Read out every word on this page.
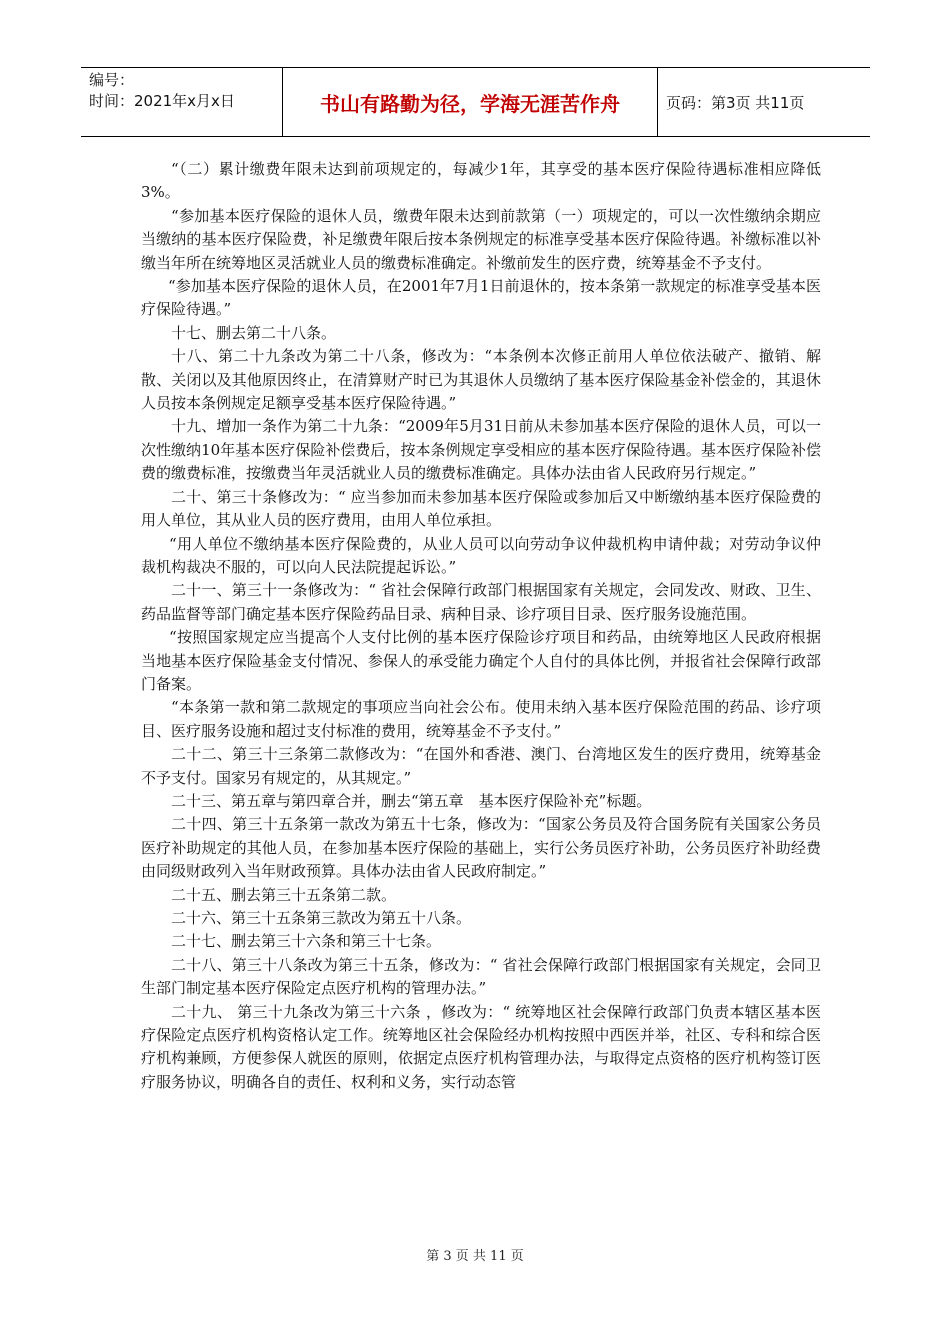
编号：
时间：2021年x月x日	书山有路勤为径，学海无涯苦作舟	页码：第3页 共11页

“（二）累计缴费年限未达到前项规定的，每减少1年，其享受的基本医疗保险待遇标准相应降低3%。

“参加基本医疗保险的退休人员，缴费年限未达到前款第（一）项规定的，可以一次性缴纳余期应当缴纳的基本医疗保险费，补足缴费年限后按本条例规定的标准享受基本医疗保险待遇。补缴标准以补缴当年所在统筹地区灵活就业人员的缴费标准确定。补缴前发生的医疗费，统筹基金不予支付。

“参加基本医疗保险的退休人员，在2001年7月1日前退休的，按本条第一款规定的标准享受基本医疗保险待遇。”

十七、删去第二十八条。

十八、第二十九条改为第二十八条，修改为：“本条例本次修正前用人单位依法破产、撤销、解散、关闭以及其他原因终止，在清算财产时已为其退休人员缴纳了基本医疗保险基金补偿金的，其退休人员按本条例规定足额享受基本医疗保险待遇。”

十九、增加一条作为第二十九条：“2009年5月31日前从未参加基本医疗保险的退休人员，可以一次性缴纳10年基本医疗保险补偿费后，按本条例规定享受相应的基本医疗保险待遇。基本医疗保险补偿费的缴费标准，按缴费当年灵活就业人员的缴费标准确定。具体办法由省人民政府另行规定。”

二十、第三十条修改为：“ 应当参加而未参加基本医疗保险或参加后又中断缴纳基本医疗保险费的用人单位，其从业人员的医疗费用，由用人单位承担。

“用人单位不缴纳基本医疗保险费的，从业人员可以向劳动争议仲裁机构申请仲裁；对劳动争议仲裁机构裁决不服的，可以向人民法院提起诉讼。”

二十一、第三十一条修改为：“ 省社会保障行政部门根据国家有关规定，会同发改、财政、卫生、药品监督等部门确定基本医疗保险药品目录、病种目录、诊疗项目目录、医疗服务设施范围。

“按照国家规定应当提高个人支付比例的基本医疗保险诊疗项目和药品，由统筹地区人民政府根据当地基本医疗保险基金支付情况、参保人的承受能力确定个人自付的具体比例，并报省社会保障行政部门备案。

“本条第一款和第二款规定的事项应当向社会公布。使用未纳入基本医疗保险范围的药品、诊疗项目、医疗服务设施和超过支付标准的费用，统筹基金不予支付。”

二十二、第三十三条第二款修改为：“在国外和香港、澳门、台湾地区发生的医疗费用，统筹基金不予支付。国家另有规定的，从其规定。”

二十三、第五章与第四章合并，删去“第五章　基本医疗保险补充”标题。

二十四、第三十五条第一款改为第五十七条，修改为：“国家公务员及符合国务院有关国家公务员医疗补助规定的其他人员，在参加基本医疗保险的基础上，实行公务员医疗补助，公务员医疗补助经费由同级财政列入当年财政预算。具体办法由省人民政府制定。”

二十五、删去第三十五条第二款。

二十六、第三十五条第三款改为第五十八条。

二十七、删去第三十六条和第三十七条。

二十八、第三十八条改为第三十五条，修改为：“ 省社会保障行政部门根据国家有关规定，会同卫生部门制定基本医疗保险定点医疗机构的管理办法。”

二十九、 第三十九条改为第三十六条 ，修改为：“ 统筹地区社会保障行政部门负责本辖区基本医疗保险定点医疗机构资格认定工作。统筹地区社会保险经办机构按照中西医并举，社区、专科和综合医疗机构兼顾，方便参保人就医的原则，依据定点医疗机构管理办法，与取得定点资格的医疗机构签订医疗服务协议，明确各自的责任、权利和义务，实行动态管

第 3 页 共 11 页
